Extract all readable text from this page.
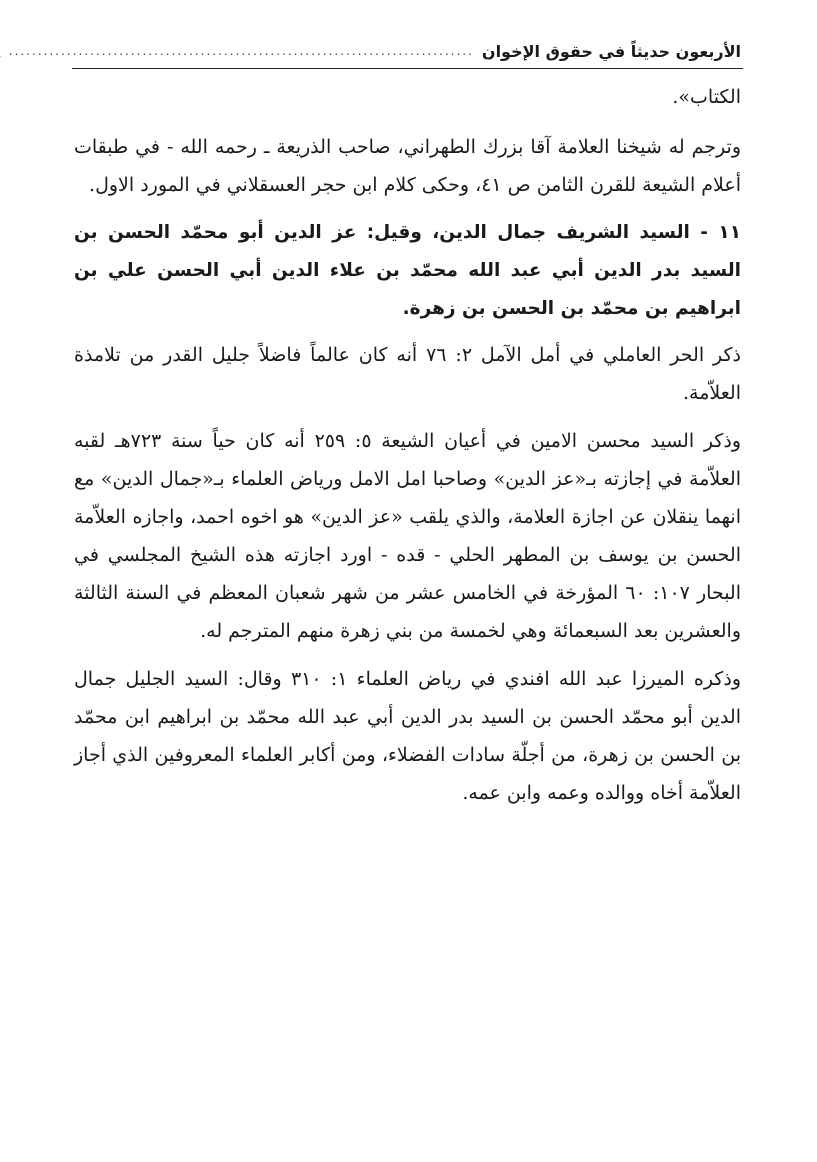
الأربعون حديثاً في حقوق الإخوان
................................................................................

الكتاب».

وترجم له شيخنا العلامة آقا بزرك الطهراني، صاحب الذريعة ـ رحمه الله - في طبقات أعلام الشيعة للقرن الثامن ص ٤١، وحكى كلام ابن حجر العسقلاني في المورد الاول.

١١ - السيد الشريف جمال الدين، وقيل: عز الدين أبو محمّد الحسن بن السيد بدر الدين أبي عبد الله محمّد بن علاء الدين أبي الحسن علي بن ابراهيم بن محمّد بن الحسن بن زهرة.

ذكر الحر العاملي في أمل الآمل ٢: ٧٦ أنه كان عالماً فاضلاً جليل القدر من تلامذة العلاّمة.

وذكر السيد محسن الامين في أعيان الشيعة ٥: ٢٥٩ أنه كان حياً سنة ٧٢٣هـ لقبه العلاّمة في إجازته بـ«عز الدين» وصاحبا امل الامل ورياض العلماء بـ«جمال الدين» مع انهما ينقلان عن اجازة العلامة، والذي يلقب «عز الدين» هو اخوه احمد، واجازه العلاّمة الحسن بن يوسف بن المطهر الحلي - قده - اورد اجازته هذه الشيخ المجلسي في البحار ١٠٧: ٦٠ المؤرخة في الخامس عشر من شهر شعبان المعظم في السنة الثالثة والعشرين بعد السبعمائة وهي لخمسة من بني زهرة منهم المترجم له.

وذكره الميرزا عبد الله افندي في رياض العلماء ١: ٣١٠ وقال: السيد الجليل جمال الدين أبو محمّد الحسن بن السيد بدر الدين أبي عبد الله محمّد بن ابراهيم ابن محمّد بن الحسن بن زهرة، من أجلّة سادات الفضلاء، ومن أكابر العلماء المعروفين الذي أجاز العلاّمة أخاه ووالده وعمه وابن عمه.
